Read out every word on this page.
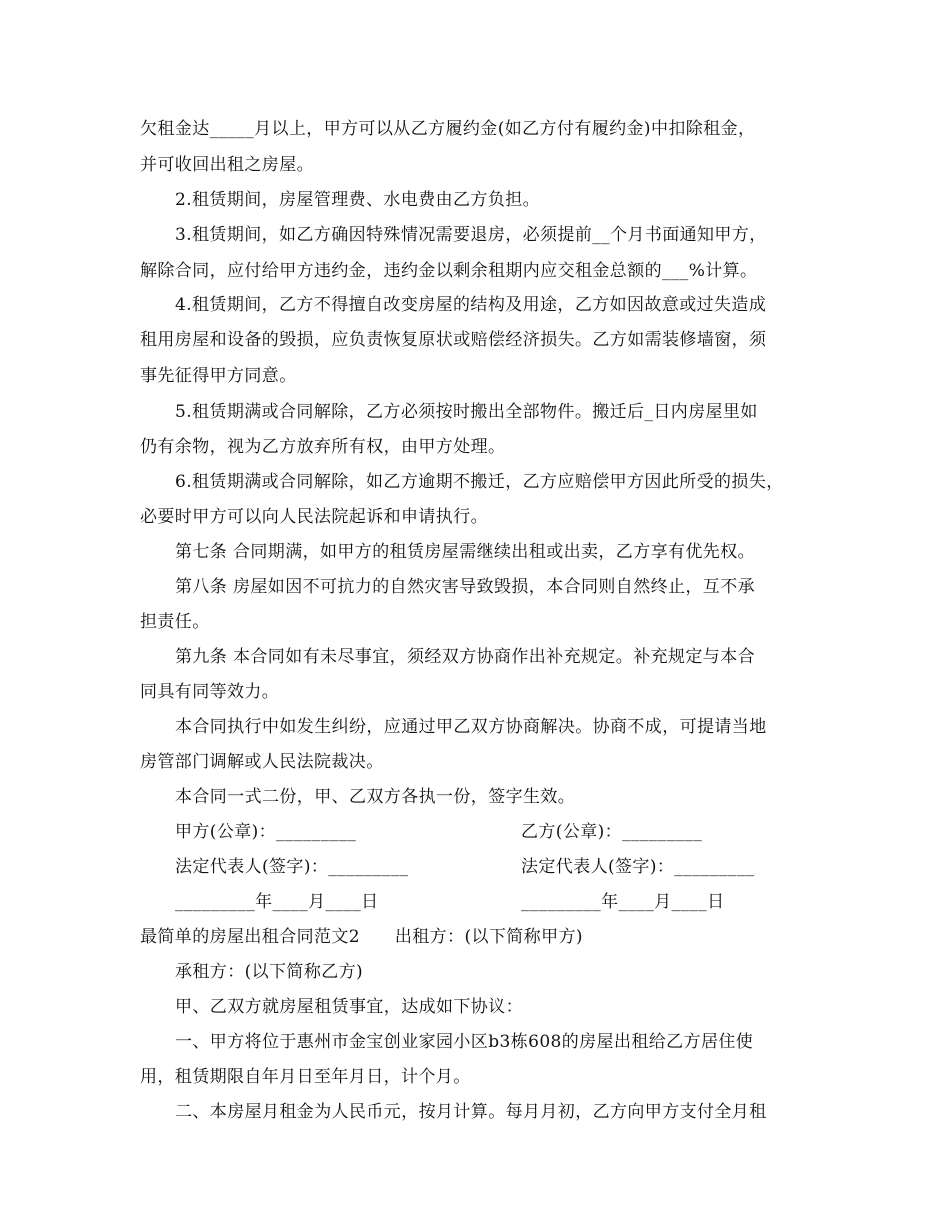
欠租金达_____月以上，甲方可以从乙方履约金(如乙方付有履约金)中扣除租金，
并可收回出租之房屋。
2.租赁期间，房屋管理费、水电费由乙方负担。
3.租赁期间，如乙方确因特殊情况需要退房，必须提前__个月书面通知甲方，
解除合同，应付给甲方违约金，违约金以剩余租期内应交租金总额的___%计算。
4.租赁期间，乙方不得擅自改变房屋的结构及用途，乙方如因故意或过失造成
租用房屋和设备的毁损，应负责恢复原状或赔偿经济损失。乙方如需装修墙窗，须
事先征得甲方同意。
5.租赁期满或合同解除，乙方必须按时搬出全部物件。搬迁后_日内房屋里如
仍有余物，视为乙方放弃所有权，由甲方处理。
6.租赁期满或合同解除，如乙方逾期不搬迁，乙方应赔偿甲方因此所受的损失，
必要时甲方可以向人民法院起诉和申请执行。
第七条 合同期满，如甲方的租赁房屋需继续出租或出卖，乙方享有优先权。
第八条 房屋如因不可抗力的自然灾害导致毁损，本合同则自然终止，互不承
担责任。
第九条 本合同如有未尽事宜，须经双方协商作出补充规定。补充规定与本合
同具有同等效力。
本合同执行中如发生纠纷，应通过甲乙双方协商解决。协商不成，可提请当地
房管部门调解或人民法院裁决。
本合同一式二份，甲、乙双方各执一份，签字生效。
甲方(公章)：_________	乙方(公章)：_________
法定代表人(签字)：_________	法定代表人(签字)：_________
_________年____月____日	_________年____月____日
最简单的房屋出租合同范文2      出租方：(以下简称甲方)
承租方：(以下简称乙方)
甲、乙双方就房屋租赁事宜，达成如下协议：
一、甲方将位于惠州市金宝创业家园小区b3栋608的房屋出租给乙方居住使
用，租赁期限自年月日至年月日，计个月。
二、本房屋月租金为人民币元，按月计算。每月月初，乙方向甲方支付全月租
